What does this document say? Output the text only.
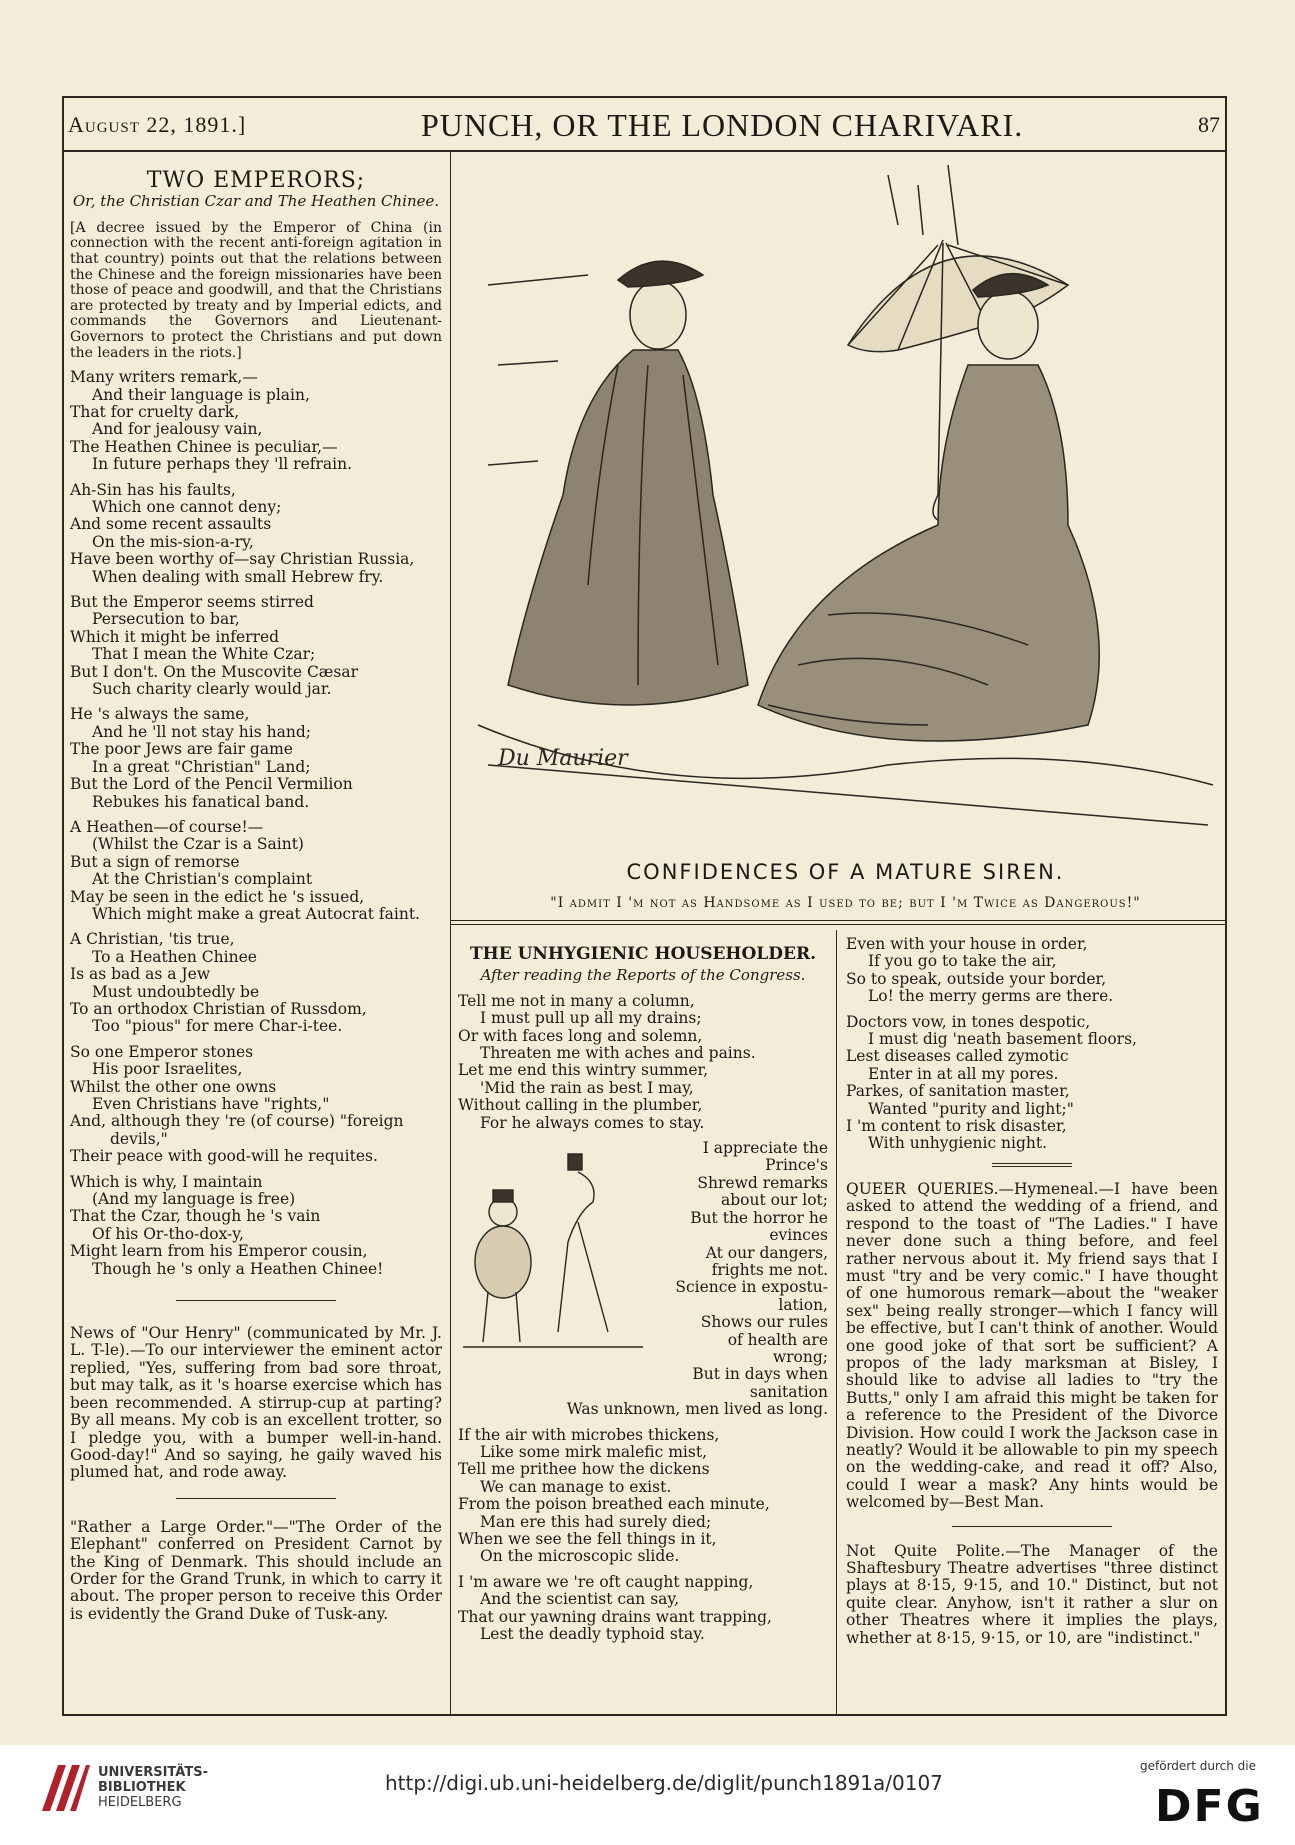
August 22, 1891.]	PUNCH, OR THE LONDON CHARIVARI.	87
TWO EMPERORS;
Or, the Christian Czar and The Heathen Chinee.
[A decree issued by the Emperor of China (in connection with the recent anti-foreign agitation in that country) points out that the relations between the Chinese and the foreign missionaries have been those of peace and goodwill, and that the Christians are protected by treaty and by Imperial edicts, and commands the Governors and Lieutenant-Governors to protect the Christians and put down the leaders in the riots.]
Many writers remark,—
And their language is plain,
That for cruelty dark,
And for jealousy vain,
The Heathen Chinee is peculiar,—
In future perhaps they 'll refrain.
Ah-Sin has his faults,
Which one cannot deny;
And some recent assaults
On the mis-sion-a-ry,
Have been worthy of—say Christian Russia,
When dealing with small Hebrew fry.
But the Emperor seems stirred
Persecution to bar,
Which it might be inferred
That I mean the White Czar;
But I don't. On the Muscovite Cæsar
Such charity clearly would jar.
He 's always the same,
And he 'll not stay his hand;
The poor Jews are fair game
In a great "Christian" Land;
But the Lord of the Pencil Vermilion
Rebukes his fanatical band.
A Heathen—of course!—
(Whilst the Czar is a Saint)
But a sign of remorse
At the Christian's complaint
May be seen in the edict he 's issued,
Which might make a great Autocrat faint.
A Christian, 'tis true,
To a Heathen Chinee
Is as bad as a Jew
Must undoubtedly be
To an orthodox Christian of Russdom,
Too "pious" for mere Char-i-tee.
So one Emperor stones
His poor Israelites,
Whilst the other one owns
Even Christians have "rights,"
And, although they 're (of course) "foreign
devils,"
Their peace with good-will he requites.
Which is why, I maintain
(And my language is free)
That the Czar, though he 's vain
Of his Or-tho-dox-y,
Might learn from his Emperor cousin,
Though he 's only a Heathen Chinee!

News of "Our Henry" (communicated by Mr. J. L. T-le).—To our interviewer the eminent actor replied, "Yes, suffering from bad sore throat, but may talk, as it 's hoarse exercise which has been recommended. A stirrup-cup at parting? By all means. My cob is an excellent trotter, so I pledge you, with a bumper well-in-hand. Good-day!" And so saying, he gaily waved his plumed hat, and rode away.

"Rather a Large Order."—"The Order of the Elephant" conferred on President Carnot by the King of Denmark. This should include an Order for the Grand Trunk, in which to carry it about. The proper person to receive this Order is evidently the Grand Duke of Tusk-any.

Du Maurier
CONFIDENCES OF A MATURE SIREN.
"I admit I 'm not as Handsome as I used to be; but I 'm Twice as Dangerous!"
THE UNHYGIENIC HOUSEHOLDER.
After reading the Reports of the Congress.
Tell me not in many a column,
I must pull up all my drains;
Or with faces long and solemn,
Threaten me with aches and pains.
Let me end this wintry summer,
'Mid the rain as best I may,
Without calling in the plumber,
For he always comes to stay.
I appreciate the
Prince's
Shrewd remarks
about our lot;
But the horror he
evinces
At our dangers,
frights me not.
Science in expostu-
lation,
Shows our rules
of health are
wrong;
But in days when
sanitation
Was unknown, men lived as long.
If the air with microbes thickens,
Like some mirk malefic mist,
Tell me prithee how the dickens
We can manage to exist.
From the poison breathed each minute,
Man ere this had surely died;
When we see the fell things in it,
On the microscopic slide.
I 'm aware we 're oft caught napping,
And the scientist can say,
That our yawning drains want trapping,
Lest the deadly typhoid stay.
Even with your house in order,
If you go to take the air,
So to speak, outside your border,
Lo! the merry germs are there.
Doctors vow, in tones despotic,
I must dig 'neath basement floors,
Lest diseases called zymotic
Enter in at all my pores.
Parkes, of sanitation master,
Wanted "purity and light;"
I 'm content to risk disaster,
With unhygienic night.

QUEER QUERIES.—Hymeneal.—I have been asked to attend the wedding of a friend, and respond to the toast of "The Ladies." I have never done such a thing before, and feel rather nervous about it. My friend says that I must "try and be very comic." I have thought of one humorous remark—about the "weaker sex" being really stronger—which I fancy will be effective, but I can't think of another. Would one good joke of that sort be sufficient? A propos of the lady marksman at Bisley, I should like to advise all ladies to "try the Butts," only I am afraid this might be taken for a reference to the President of the Divorce Division. How could I work the Jackson case in neatly? Would it be allowable to pin my speech on the wedding-cake, and read it off? Also, could I wear a mask? Any hints would be welcomed by—Best Man.

Not Quite Polite.—The Manager of the Shaftesbury Theatre advertises "three distinct plays at 8·15, 9·15, and 10." Distinct, but not quite clear. Anyhow, isn't it rather a slur on other Theatres where it implies the plays, whether at 8·15, 9·15, or 10, are "indistinct."

UNIVERSITÄTS-
BIBLIOTHEK
HEIDELBERG
http://digi.ub.uni-heidelberg.de/diglit/punch1891a/0107
gefördert durch die
DFG
